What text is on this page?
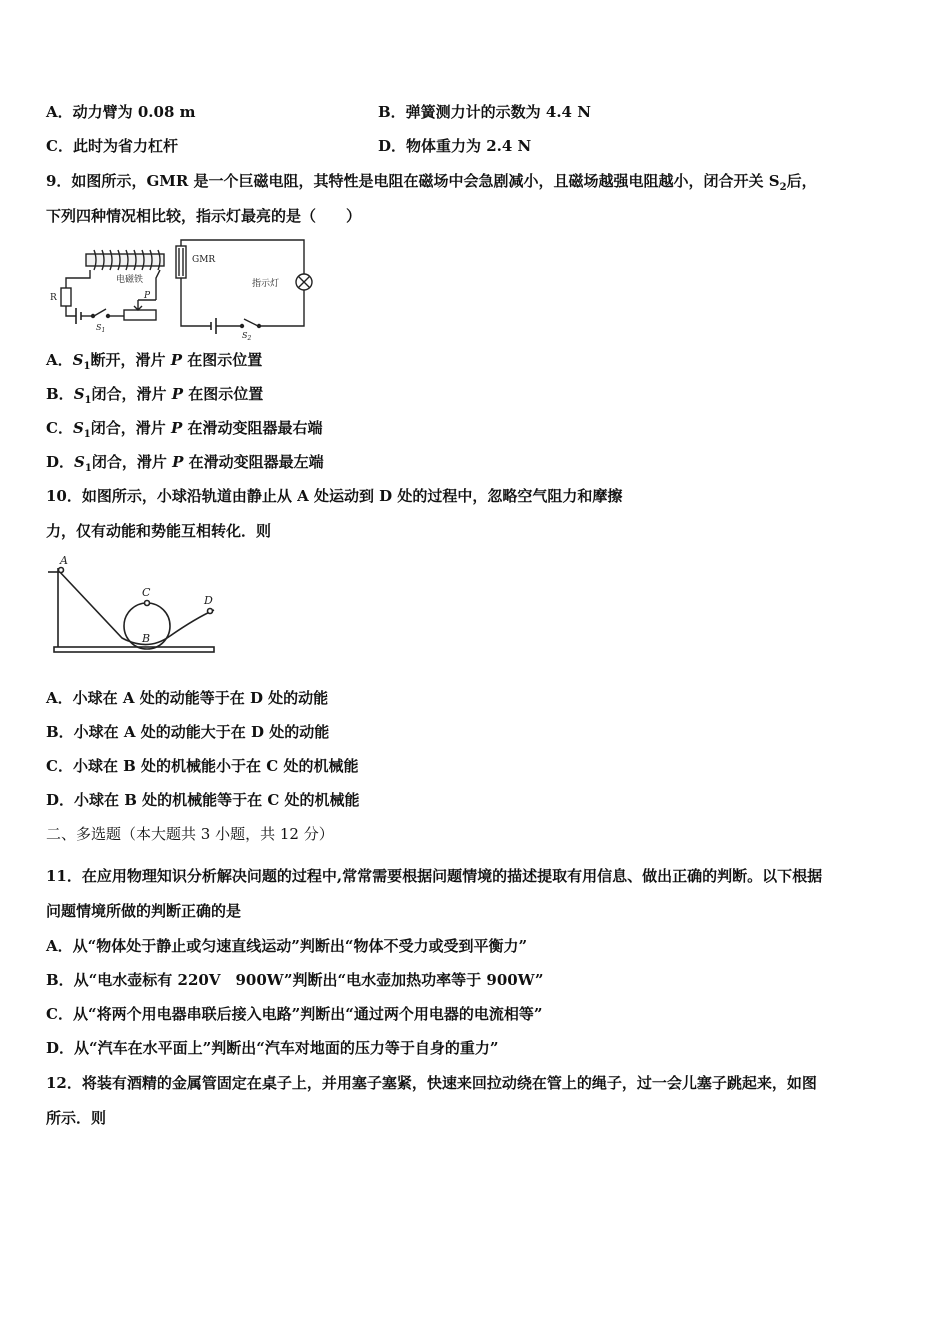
A．动力臂为 0.08 m	B．弹簧测力计的示数为 4.4 N
C．此时为省力杠杆	D．物体重力为 2.4 N
9．如图所示，GMR 是一个巨磁电阻，其特性是电阻在磁场中会急剧减小，且磁场越强电阻越小，闭合开关 $S_2$后，
下列四种情况相比较，指示灯最亮的是（　　）
电磁铁
GMR
指示灯
R	P
$S_1$
$S_2$
A．$S_1$断开，滑片 P 在图示位置
B．$S_1$闭合，滑片 P 在图示位置
C．$S_1$闭合，滑片 P 在滑动变阻器最右端
D．$S_1$闭合，滑片 P 在滑动变阻器最左端
10．如图所示，小球沿轨道由静止从 A 处运动到 D 处的过程中，忽略空气阻力和摩擦
力，仅有动能和势能互相转化．则
A
B
C
D
A．小球在 A 处的动能等于在 D 处的动能
B．小球在 A 处的动能大于在 D 处的动能
C．小球在 B 处的机械能小于在 C 处的机械能
D．小球在 B 处的机械能等于在 C 处的机械能
二、多选题（本大题共 3 小题，共 12 分）
11．在应用物理知识分析解决问题的过程中,常常需要根据问题情境的描述提取有用信息、做出正确的判断。以下根据
问题情境所做的判断正确的是
A．从“物体处于静止或匀速直线运动”判断出“物体不受力或受到平衡力”
B．从“电水壶标有 220V　900W”判断出“电水壶加热功率等于 900W”
C．从“将两个用电器串联后接入电路”判断出“通过两个用电器的电流相等”
D．从“汽车在水平面上”判断出“汽车对地面的压力等于自身的重力”
12．将装有酒精的金属管固定在桌子上，并用塞子塞紧，快速来回拉动绕在管上的绳子，过一会儿塞子跳起来，如图
所示．则
